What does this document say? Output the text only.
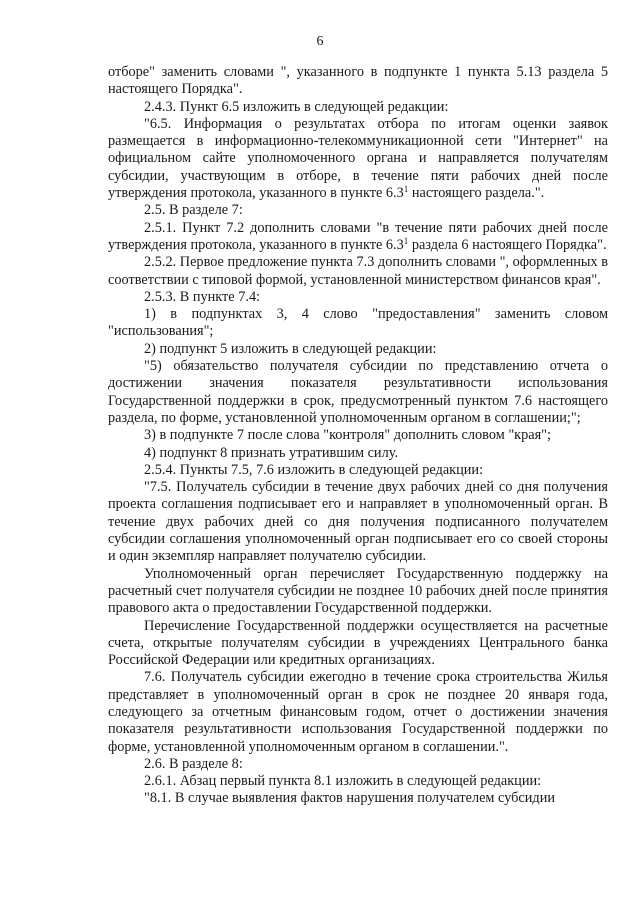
6

отборе" заменить словами ", указанного в подпункте 1 пункта 5.13 раздела 5 настоящего Порядка".

2.4.3. Пункт 6.5 изложить в следующей редакции:

"6.5. Информация о результатах отбора по итогам оценки заявок размещается в информационно-телекоммуникационной сети "Интернет" на официальном сайте уполномоченного органа и направляется получателям субсидии, участвующим в отборе, в течение пяти рабочих дней после утверждения протокола, указанного в пункте $6.3^1$ настоящего раздела.".

2.5. В разделе 7:

2.5.1. Пункт 7.2 дополнить словами "в течение пяти рабочих дней после утверждения протокола, указанного в пункте $6.3^1$ раздела 6 настоящего Порядка".

2.5.2. Первое предложение пункта 7.3 дополнить словами ", оформленных в соответствии с типовой формой, установленной министерством финансов края".

2.5.3. В пункте 7.4:

1) в подпунктах 3, 4 слово "предоставления" заменить словом "использования";

2) подпункт 5 изложить в следующей редакции:

"5) обязательство получателя субсидии по представлению отчета о достижении значения показателя результативности использования Государственной поддержки в срок, предусмотренный пунктом 7.6 настоящего раздела, по форме, установленной уполномоченным органом в соглашении;";

3) в подпункте 7 после слова "контроля" дополнить словом "края";

4) подпункт 8 признать утратившим силу.

2.5.4. Пункты 7.5, 7.6 изложить в следующей редакции:

"7.5. Получатель субсидии в течение двух рабочих дней со дня получения проекта соглашения подписывает его и направляет в уполномоченный орган. В течение двух рабочих дней со дня получения подписанного получателем субсидии соглашения уполномоченный орган подписывает его со своей стороны и один экземпляр направляет получателю субсидии.

Уполномоченный орган перечисляет Государственную поддержку на расчетный счет получателя субсидии не позднее 10 рабочих дней после принятия правового акта о предоставлении Государственной поддержки.

Перечисление Государственной поддержки осуществляется на расчетные счета, открытые получателям субсидии в учреждениях Центрального банка Российской Федерации или кредитных организациях.

7.6. Получатель субсидии ежегодно в течение срока строительства Жилья представляет в уполномоченный орган в срок не позднее 20 января года, следующего за отчетным финансовым годом, отчет о достижении значения показателя результативности использования Государственной поддержки по форме, установленной уполномоченным органом в соглашении.".

2.6. В разделе 8:

2.6.1. Абзац первый пункта 8.1 изложить в следующей редакции:

"8.1. В случае выявления фактов нарушения получателем субсидии
